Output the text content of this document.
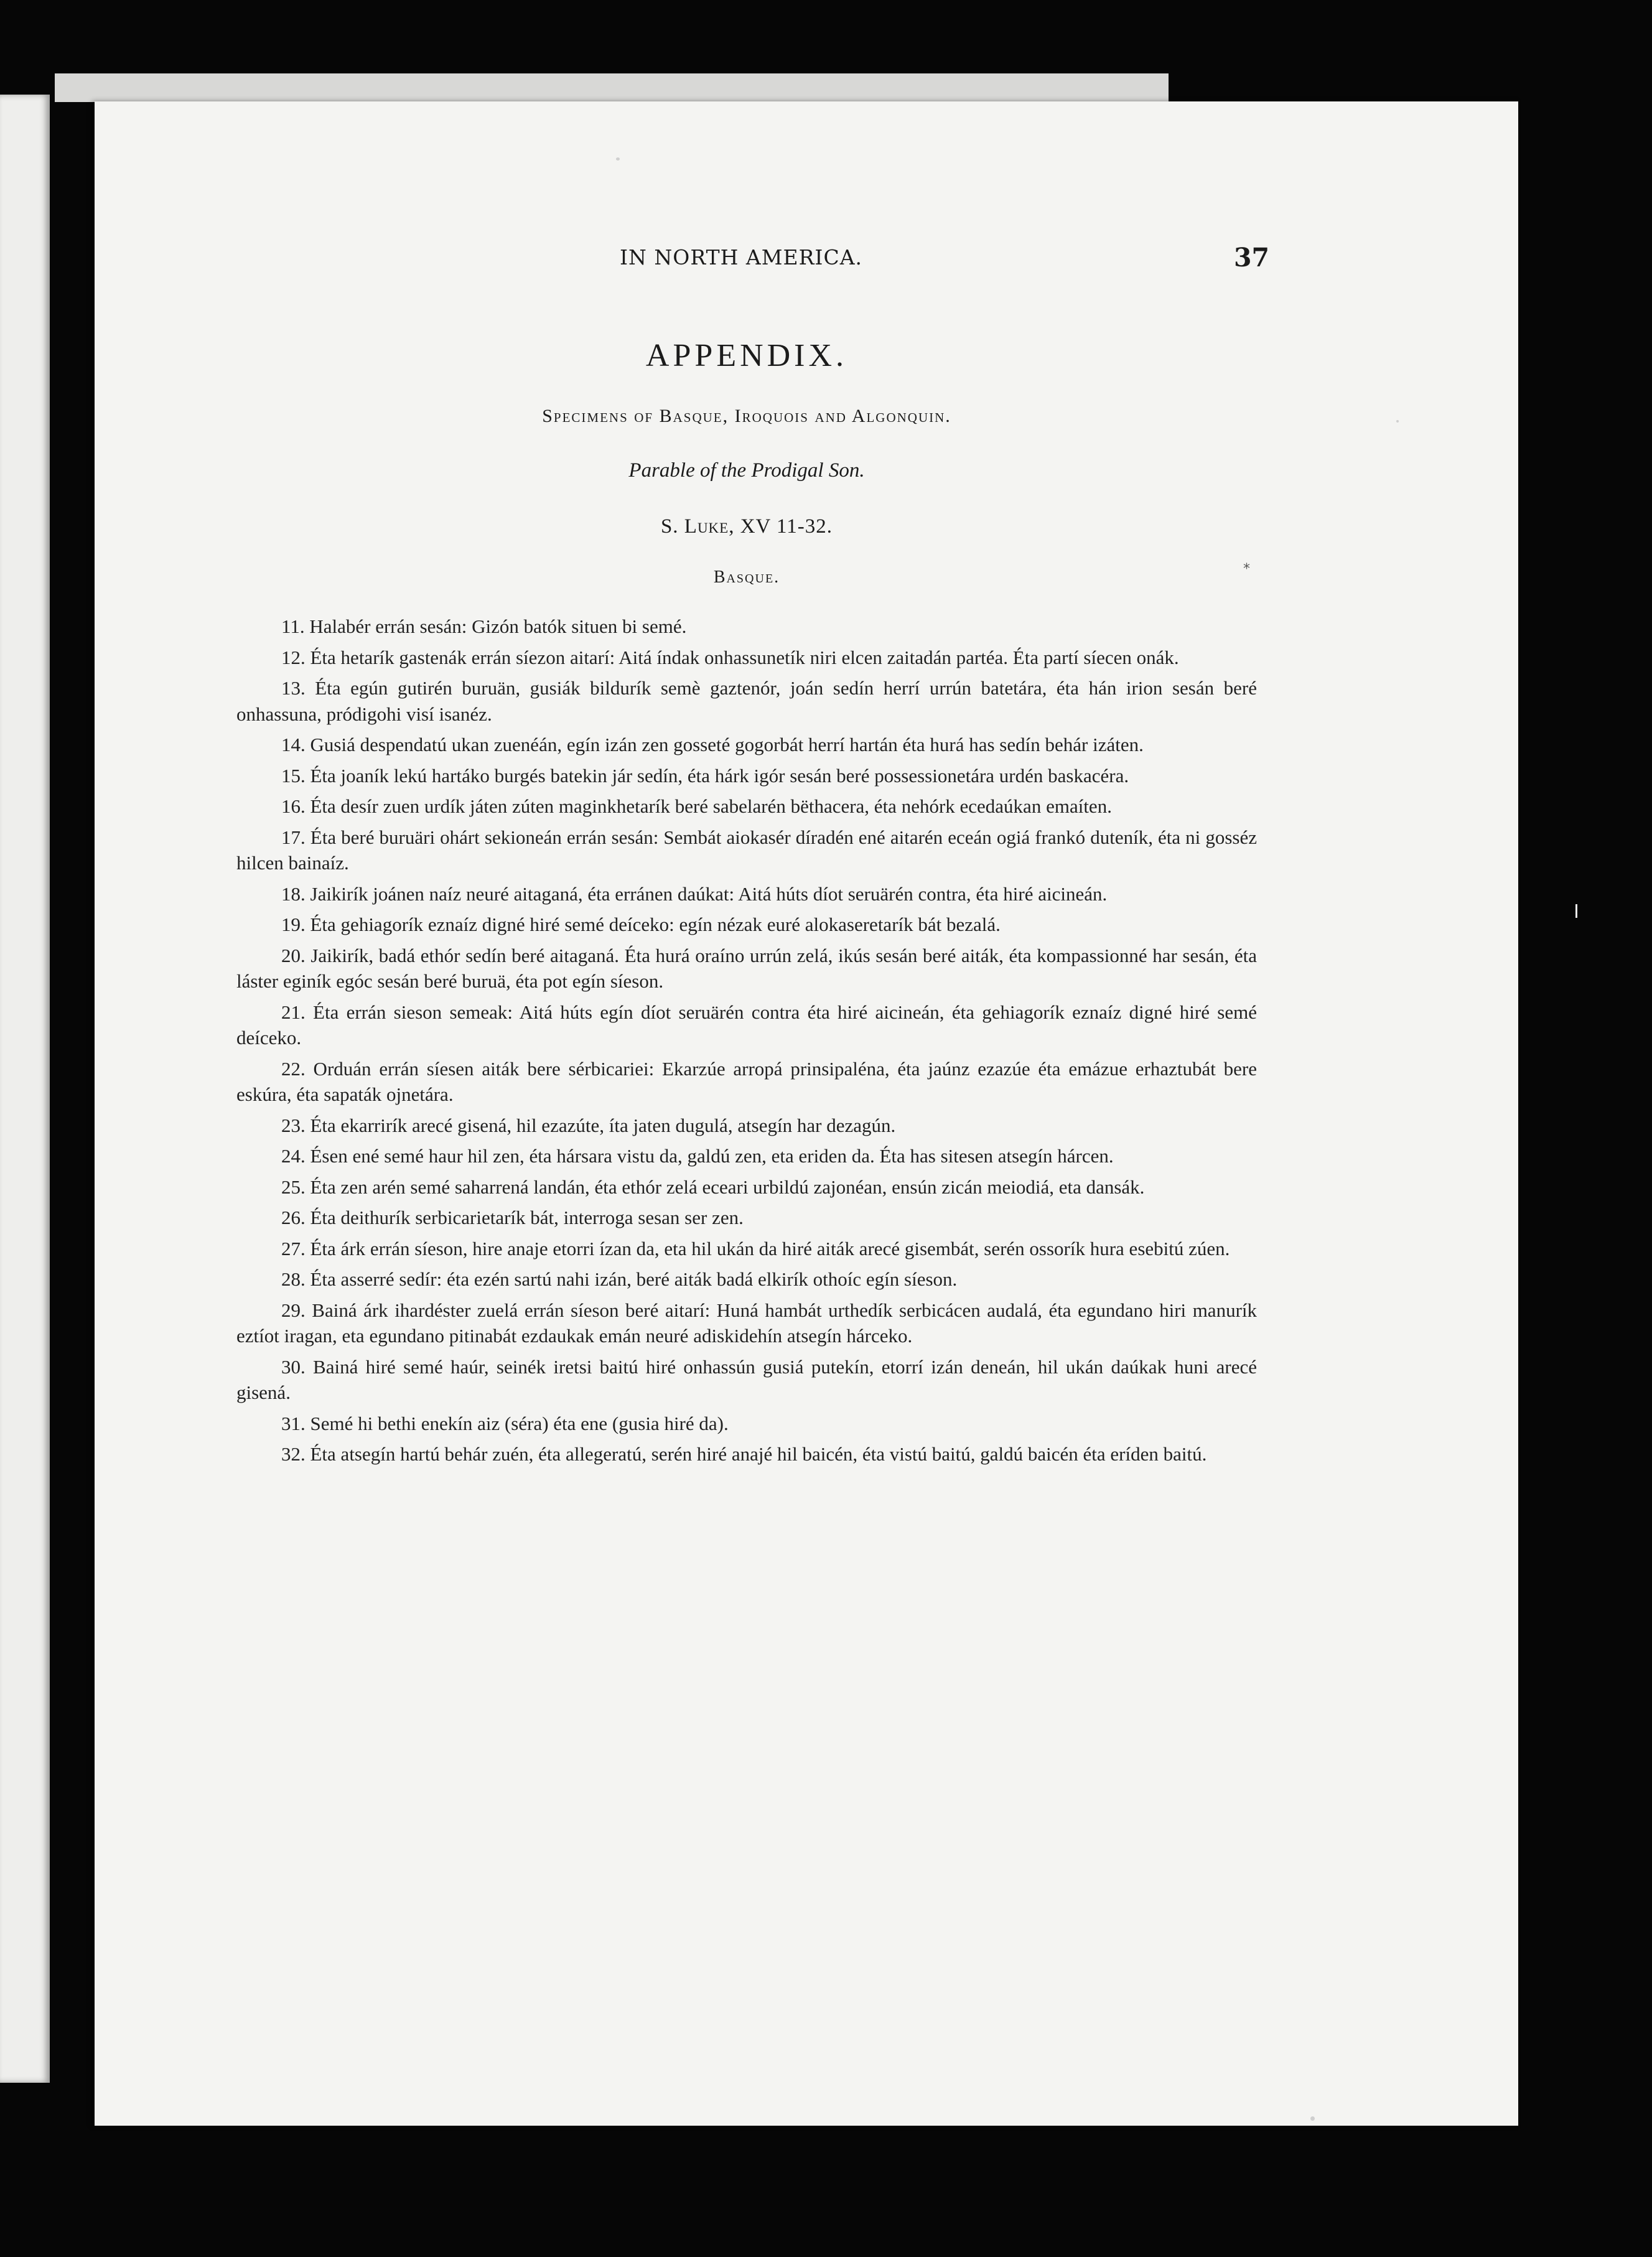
IN NORTH AMERICA.	37
APPENDIX.
Specimens of Basque, Iroquois and Algonquin.
Parable of the Prodigal Son.
S. Luke, XV 11-32.
Basque.	*

11. Halabér errán sesán: Gizón batók situen bi semé.

12. Éta hetarík gastenák errán síezon aitarí: Aitá índak onhassunetík niri elcen zaitadán partéa. Éta partí síecen onák.

13. Éta egún gutirén buruän, gusiák bildurík semè gaztenór, joán sedín herrí urrún batetára, éta hán irion sesán beré onhassuna, pródigohi visí isanéz.

14. Gusiá despendatú ukan zuenéán, egín izán zen gosseté gogorbát herrí hartán éta hurá has sedín behár izáten.

15. Éta joaník lekú hartáko burgés batekin jár sedín, éta hárk igór sesán beré possessionetára urdén baskacéra.

16. Éta desír zuen urdík játen zúten maginkhetarík beré sabelarén bëthacera, éta nehórk ecedaúkan emaíten.

17. Éta beré buruäri ohárt sekioneán errán sesán: Sembát aiokasér díradén ené aitarén eceán ogiá frankó duteník, éta ni gosséz hilcen bainaíz.

18. Jaikirík joánen naíz neuré aitaganá, éta erránen daúkat: Aitá húts díot seruärén contra, éta hiré aicineán.

19. Éta gehiagorík eznaíz digné hiré semé deíceko: egín nézak euré alokaseretarík bát bezalá.

20. Jaikirík, badá ethór sedín beré aitaganá. Éta hurá oraíno urrún zelá, ikús sesán beré aiták, éta kompassionné har sesán, éta láster eginík egóc sesán beré buruä, éta pot egín síeson.

21. Éta errán sieson semeak: Aitá húts egín díot seruärén contra éta hiré aicineán, éta gehiagorík eznaíz digné hiré semé deíceko.

22. Orduán errán síesen aiták bere sérbicariei: Ekarzúe arropá prinsipaléna, éta jaúnz ezazúe éta emázue erhaztubát bere eskúra, éta sapaták ojnetára.

23. Éta ekarrirík arecé gisená, hil ezazúte, íta jaten dugulá, atsegín har dezagún.

24. Ésen ené semé haur hil zen, éta hársara vistu da, galdú zen, eta eriden da. Éta has sitesen atsegín hárcen.

25. Éta zen arén semé saharrená landán, éta ethór zelá eceari urbildú zajonéan, ensún zicán meiodiá, eta dansák.

26. Éta deithurík serbicarietarík bát, interroga sesan ser zen.

27. Éta árk errán síeson, hire anaje etorri ízan da, eta hil ukán da hiré aiták arecé gisembát, serén ossorík hura esebitú zúen.

28. Éta asserré sedír: éta ezén sartú nahi izán, beré aiták badá elkirík othoíc egín síeson.

29. Bainá árk ihardéster zuelá errán síeson beré aitarí: Huná hambát urthedík serbicácen audalá, éta egundano hiri manurík eztíot iragan, eta egundano pitinabát ezdaukak emán neuré adiskidehín atsegín hárceko.

30. Bainá hiré semé haúr, seinék iretsi baitú hiré onhassún gusiá putekín, etorrí izán deneán, hil ukán daúkak huni arecé gisená.

31. Semé hi bethi enekín aiz (séra) éta ene (gusia hiré da).

32. Éta atsegín hartú behár zuén, éta allegeratú, serén hiré anajé hil baicén, éta vistú baitú, galdú baicén éta eríden baitú.
